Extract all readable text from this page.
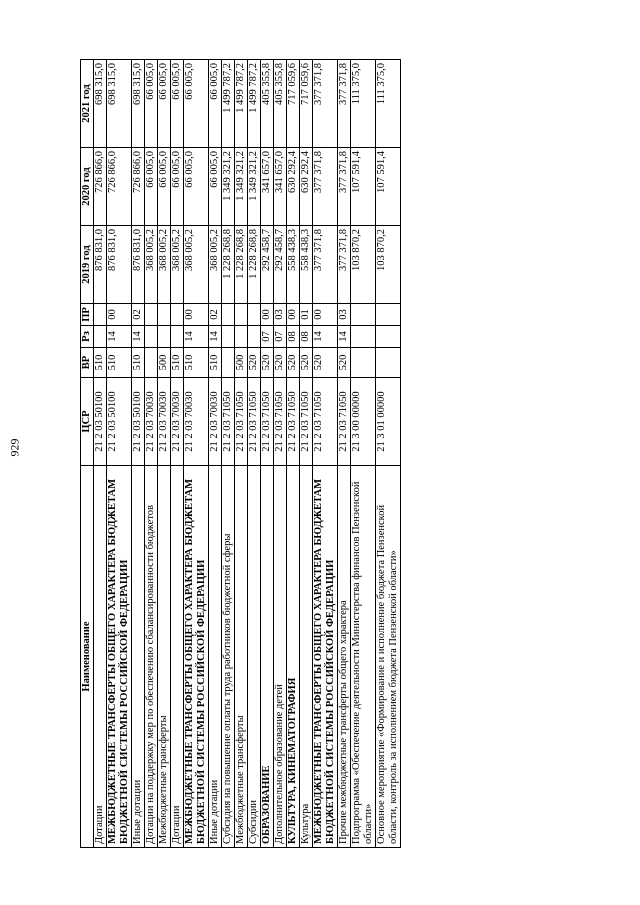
929
Наименование	ЦСР	ВР	Рз	ПР	2019 год	2020 год	2021 год
Дотации	21 2 03 50100	510			876 831,0	726 866,0	698 315,0
МЕЖБЮДЖЕТНЫЕ ТРАНСФЕРТЫ ОБЩЕГО ХАРАКТЕРА БЮДЖЕТАМ БЮДЖЕТНОЙ СИСТЕМЫ РОССИЙСКОЙ ФЕДЕРАЦИИ	21 2 03 50100	510	14	00	876 831,0	726 866,0	698 315,0
Иные дотации	21 2 03 50100	510	14	02	876 831,0	726 866,0	698 315,0
Дотации на поддержку мер по обеспечению сбалансированности бюджетов	21 2 03 70030				368 005,2	66 005,0	66 005,0
Межбюджетные трансферты	21 2 03 70030	500			368 005,2	66 005,0	66 005,0
Дотации	21 2 03 70030	510			368 005,2	66 005,0	66 005,0
МЕЖБЮДЖЕТНЫЕ ТРАНСФЕРТЫ ОБЩЕГО ХАРАКТЕРА БЮДЖЕТАМ БЮДЖЕТНОЙ СИСТЕМЫ РОССИЙСКОЙ ФЕДЕРАЦИИ	21 2 03 70030	510	14	00	368 005,2	66 005,0	66 005,0
Иные дотации	21 2 03 70030	510	14	02	368 005,2	66 005,0	66 005,0
Субсидия на повышение оплаты труда работников бюджетной сферы	21 2 03 71050				1 228 268,8	1 349 321,2	1 499 787,2
Межбюджетные трансферты	21 2 03 71050	500			1 228 268,8	1 349 321,2	1 499 787,2
Субсидии	21 2 03 71050	520			1 228 268,8	1 349 321,2	1 499 787,2
ОБРАЗОВАНИЕ	21 2 03 71050	520	07	00	292 458,7	341 657,0	405 355,8
Дополнительное образование детей	21 2 03 71050	520	07	03	292 458,7	341 657,0	405 355,8
КУЛЬТУРА, КИНЕМАТОГРАФИЯ	21 2 03 71050	520	08	00	558 438,3	630 292,4	717 059,6
Культура	21 2 03 71050	520	08	01	558 438,3	630 292,4	717 059,6
МЕЖБЮДЖЕТНЫЕ ТРАНСФЕРТЫ ОБЩЕГО ХАРАКТЕРА БЮДЖЕТАМ БЮДЖЕТНОЙ СИСТЕМЫ РОССИЙСКОЙ ФЕДЕРАЦИИ	21 2 03 71050	520	14	00	377 371,8	377 371,8	377 371,8
Прочие межбюджетные трансферты общего характера	21 2 03 71050	520	14	03	377 371,8	377 371,8	377 371,8
Подпрограмма «Обеспечение деятельности Министерства финансов Пензенской области»	21 3 00 00000				103 870,2	107 591,4	111 375,0
Основное мероприятие «Формирование и исполнение бюджета Пензенской области, контроль за исполнением бюджета Пензенской области»	21 3 01 00000				103 870,2	107 591,4	111 375,0
